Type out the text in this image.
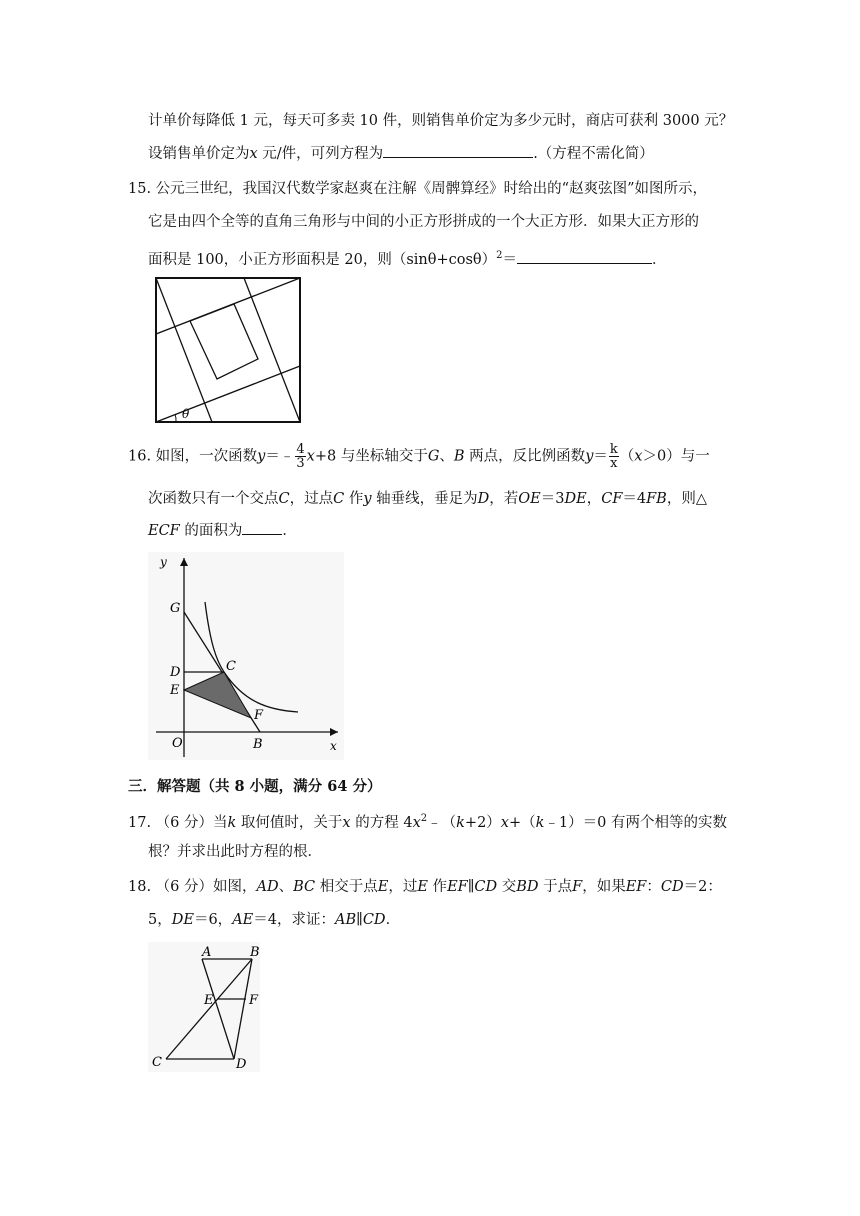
计单价每降低 1 元，每天可多卖 10 件，则销售单价定为多少元时，商店可获利 3000 元？
设销售单价定为x 元/件，可列方程为	.（方程不需化简）
15. 公元三世纪，我国汉代数学家赵爽在注解《周髀算经》时给出的“赵爽弦图”如图所示，
它是由四个全等的直角三角形与中间的小正方形拼成的一个大正方形．如果大正方形的
面积是 100，小正方形面积是 20，则$(\sin\theta+\cos\theta)^2=$	．
θ
16. 如图，一次函数y＝﹣ $\frac{4}{3} x+8$ 与坐标轴交于G、B 两点，反比例函数$y= \frac{k}{x} (x>0)$与一
次函数只有一个交点C，过点C 作y 轴垂线，垂足为D，若OE＝3DE，CF＝4FB，则△
ECF 的面积为	．
y
x
G
D	C
E
F
O	B
三．解答题（共 8 小题，满分 64 分）
17. （6 分）当k 取何值时，关于x 的方程 $4x^2﹣(k+2)x+(k﹣1)=0$ 有两个相等的实数
根？并求出此时方程的根．
18. （6 分）如图，AD、BC 相交于点E，过E 作EF∥CD 交BD 于点F，如果EF：CD＝2：
5，DE＝6，AE＝4，求证：AB∥CD．
A	B
E	F
C	D
